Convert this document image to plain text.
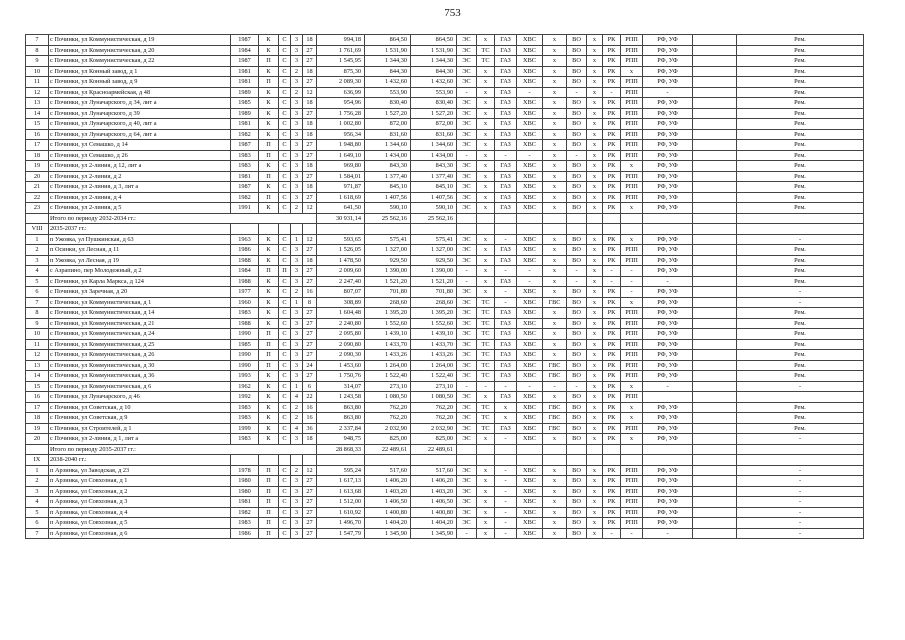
753
7	с Починки, ул Коммунистическая, д 19	1987	К	С	3	18	994,18	864,50	864,50	ЭС	х	ГАЗ	ХВС	х	ВО	х	РК	РПП	РФ, УФ		Рем.
8	с Починки, ул Коммунистическая, д 20	1984	К	С	3	27	1 761,69	1 531,90	1 531,90	ЭС	ТС	ГАЗ	ХВС	х	ВО	х	РК	РПП	РФ, УФ		Рем.
9	с Починки, ул Коммунистическая, д 22	1987	П	С	3	27	1 545,95	1 344,30	1 344,30	ЭС	ТС	ГАЗ	ХВС	х	ВО	х	РК	РПП	РФ, УФ		Рем.
10	с Починки, ул Конный завод, д 1	1981	К	С	2	18	875,30	844,30	844,30	ЭС	х	ГАЗ	ХВС	х	ВО	х	РК	х	РФ, УФ		Рем.
11	с Починки, ул Конный завод, д 9	1981	П	С	3	27	2 089,30	1 432,60	1 432,60	ЭС	х	ГАЗ	ХВС	х	ВО	х	РК	РПП	РФ, УФ		Рем.
12	с Починки, ул Красноармейская, д 48	1989	К	С	2	12	636,99	553,90	553,90	-	х	ГАЗ	-	х	-	х	-	РПП	-		Рем.
13	с Починки, ул Луначарского, д 34, лит а	1985	К	С	3	18	954,96	830,40	830,40	ЭС	х	ГАЗ	ХВС	х	ВО	х	РК	РПП	РФ, УФ		Рем.
14	с Починки, ул Луначарского, д 39	1989	К	С	3	27	1 756,28	1 527,20	1 527,20	ЭС	х	ГАЗ	ХВС	х	ВО	х	РК	РПП	РФ, УФ		Рем.
15	с Починки, ул Луначарского, д 40, лит а	1981	К	С	3	18	1 002,80	872,00	872,00	ЭС	х	ГАЗ	ХВС	х	ВО	х	РК	РПП	РФ, УФ		Рем.
16	с Починки, ул Луначарского, д 64, лит а	1982	К	С	3	18	956,34	831,60	831,60	ЭС	х	ГАЗ	ХВС	х	ВО	х	РК	РПП	РФ, УФ		Рем.
17	с Починки, ул Семашко, д 14	1987	П	С	3	27	1 948,80	1 344,60	1 344,60	ЭС	х	ГАЗ	ХВС	х	ВО	х	РК	РПП	РФ, УФ		Рем.
18	с Починки, ул Семашко, д 26	1983	П	С	3	27	1 649,10	1 434,00	1 434,00	-	х	-	-	х	-	х	РК	РПП	РФ, УФ		Рем.
19	с Починки, ул 2-линия, д 12, лит а	1983	К	С	3	18	969,80	843,30	843,30	ЭС	х	ГАЗ	ХВС	х	ВО	х	РК	х	РФ, УФ		Рем.
20	с Починки, ул 2-линия, д 2	1981	П	С	3	27	1 584,01	1 377,40	1 377,40	ЭС	х	ГАЗ	ХВС	х	ВО	х	РК	РПП	РФ, УФ		Рем.
21	с Починки, ул 2-линия, д 3, лит а	1987	К	С	3	18	971,87	845,10	845,10	ЭС	х	ГАЗ	ХВС	х	ВО	х	РК	РПП	РФ, УФ		Рем.
22	с Починки, ул 2-линия, д 4	1982	П	С	3	27	1 618,69	1 407,56	1 407,56	ЭС	х	ГАЗ	ХВС	х	ВО	х	РК	РПП	РФ, УФ		Рем.
23	с Починки, ул 2-линия, д 5	1991	К	С	2	12	641,50	590,10	590,10	ЭС	х	ГАЗ	ХВС	х	ВО	х	РК	х	РФ, УФ		Рем.
	Итого по периоду 2032-2034 гг.:						30 931,14	25 562,16	25 562,16												
VIII	2035-2037 гг.:																				
1	п Ужовка, ул Пушкинская, д 63	1963	К	С	1	12	593,65	575,41	575,41	ЭС	х	-	ХВС	х	ВО	х	РК	х	РФ, УФ		-
2	п Осинки, ул Лесная, д 11	1986	К	С	3	27	1 526,05	1 327,00	1 327,00	ЭС	х	ГАЗ	ХВС	х	ВО	х	РК	РПП	РФ, УФ		Рем.
3	п Ужовка, ул Лесная, д 19	1988	К	С	3	18	1 478,50	929,50	929,50	ЭС	х	ГАЗ	ХВС	х	ВО	х	РК	РПП	РФ, УФ		Рем.
4	с Азрапино, пер Молодежный, д 2	1984	П	П	3	27	2 009,60	1 390,00	1 390,00	-	х	-	-	х	-	х	-	-	РФ, УФ		Рем.
5	с Починки, ул Карла Маркса, д 124	1988	К	С	3	27	2 247,40	1 521,20	1 521,20	-	х	ГАЗ	-	х	-	х	-	-	-		Рем.
6	с Починки, ул Заречная, д 20	1977	К	С	2	16	807,07	701,80	701,80	ЭС	х	-	ХВС	х	ВО	х	РК	-	РФ, УФ		-
7	с Починки, ул Коммунистическая, д 1	1960	К	С	1	8	308,89	268,60	268,60	ЭС	ТС	-	ХВС	ГВС	ВО	х	РК	х	РФ, УФ		-
8	с Починки, ул Коммунистическая, д 14	1983	К	С	3	27	1 604,48	1 395,20	1 395,20	ЭС	ТС	ГАЗ	ХВС	х	ВО	х	РК	РПП	РФ, УФ		Рем.
9	с Починки, ул Коммунистическая, д 21	1988	К	С	3	27	2 240,80	1 552,60	1 552,60	ЭС	ТС	ГАЗ	ХВС	х	ВО	х	РК	РПП	РФ, УФ		Рем.
10	с Починки, ул Коммунистическая, д 24	1990	П	С	3	27	2 095,80	1 439,10	1 439,10	ЭС	ТС	ГАЗ	ХВС	х	ВО	х	РК	РПП	РФ, УФ		Рем.
11	с Починки, ул Коммунистическая, д 25	1985	П	С	3	27	2 090,80	1 433,70	1 433,70	ЭС	ТС	ГАЗ	ХВС	х	ВО	х	РК	РПП	РФ, УФ		Рем.
12	с Починки, ул Коммунистическая, д 26	1990	П	С	3	27	2 090,30	1 433,26	1 433,26	ЭС	ТС	ГАЗ	ХВС	х	ВО	х	РК	РПП	РФ, УФ		Рем.
13	с Починки, ул Коммунистическая, д 30	1990	П	С	3	24	1 453,60	1 264,00	1 264,00	ЭС	ТС	ГАЗ	ХВС	ГВС	ВО	х	РК	РПП	РФ, УФ		Рем.
14	с Починки, ул Коммунистическая, д 36	1993	К	С	3	27	1 750,76	1 522,40	1 522,40	ЭС	ТС	ГАЗ	ХВС	ГВС	ВО	х	РК	РПП	РФ, УФ		Рем.
15	с Починки, ул Коммунистическая, д 6	1962	К	С	1	6	314,07	273,10	273,10	-	-	-	-	-	-	х	РК	х	-		-
16	с Починки, ул Луначарского, д 46	1992	К	С	4	22	1 243,58	1 080,50	1 080,50	ЭС	х	ГАЗ	ХВС	х	ВО	х	РК	РПП			
17	с Починки, ул Советская, д 10	1983	К	С	2	16	863,80	762,20	762,20	ЭС	ТС	х	ХВС	ГВС	ВО	х	РК	х	РФ, УФ		Рем.
18	с Починки, ул Советская, д 9	1983	К	С	2	16	863,80	762,20	762,20	ЭС	ТС	х	ХВС	ГВС	ВО	х	РК	х	РФ, УФ		Рем.
19	с Починки, ул Строителей, д 1	1999	К	С	4	36	2 337,84	2 032,90	2 032,90	ЭС	ТС	ГАЗ	ХВС	ГВС	ВО	х	РК	РПП	РФ, УФ		Рем.
20	с Починки, ул 2-линия, д 1, лит а	1983	К	С	3	18	948,75	825,00	825,00	ЭС	х	-	ХВС	х	ВО	х	РК	х	РФ, УФ		-
	Итого по периоду 2035-2037 гг.:						28 868,33	22 489,61	22 489,61												
IX	2038-2040 гг.:																				
1	п Арзинка, ул Заводская, д 23	1978	П	С	2	12	595,24	517,60	517,60	ЭС	х	-	ХВС	х	ВО	х	РК	РПП	РФ, УФ		-
2	п Арзинка, ул Совхозная, д 1	1980	П	С	3	27	1 617,13	1 406,20	1 406,20	ЭС	х	-	ХВС	х	ВО	х	РК	РПП	РФ, УФ		-
3	п Арзинка, ул Совхозная, д 2	1980	П	С	3	27	1 613,68	1 403,20	1 403,20	ЭС	х	-	ХВС	х	ВО	х	РК	РПП	РФ, УФ		-
4	п Арзинка, ул Совхозная, д 3	1981	П	С	3	27	1 512,00	1 406,50	1 406,50	ЭС	х	-	ХВС	х	ВО	х	РК	РПП	РФ, УФ		-
5	п Арзинка, ул Совхозная, д 4	1982	П	С	3	27	1 610,92	1 400,80	1 400,80	ЭС	х	-	ХВС	х	ВО	х	РК	РПП	РФ, УФ		-
6	п Арзинка, ул Совхозная, д 5	1983	П	С	3	27	1 496,70	1 404,20	1 404,20	ЭС	х	-	ХВС	х	ВО	х	РК	РПП	РФ, УФ		-
7	п Арзинка, ул Совхозная, д 6	1986	П	С	3	27	1 547,79	1 345,90	1 345,90	-	х	-	ХВС	х	ВО	х	-	-	-		-
